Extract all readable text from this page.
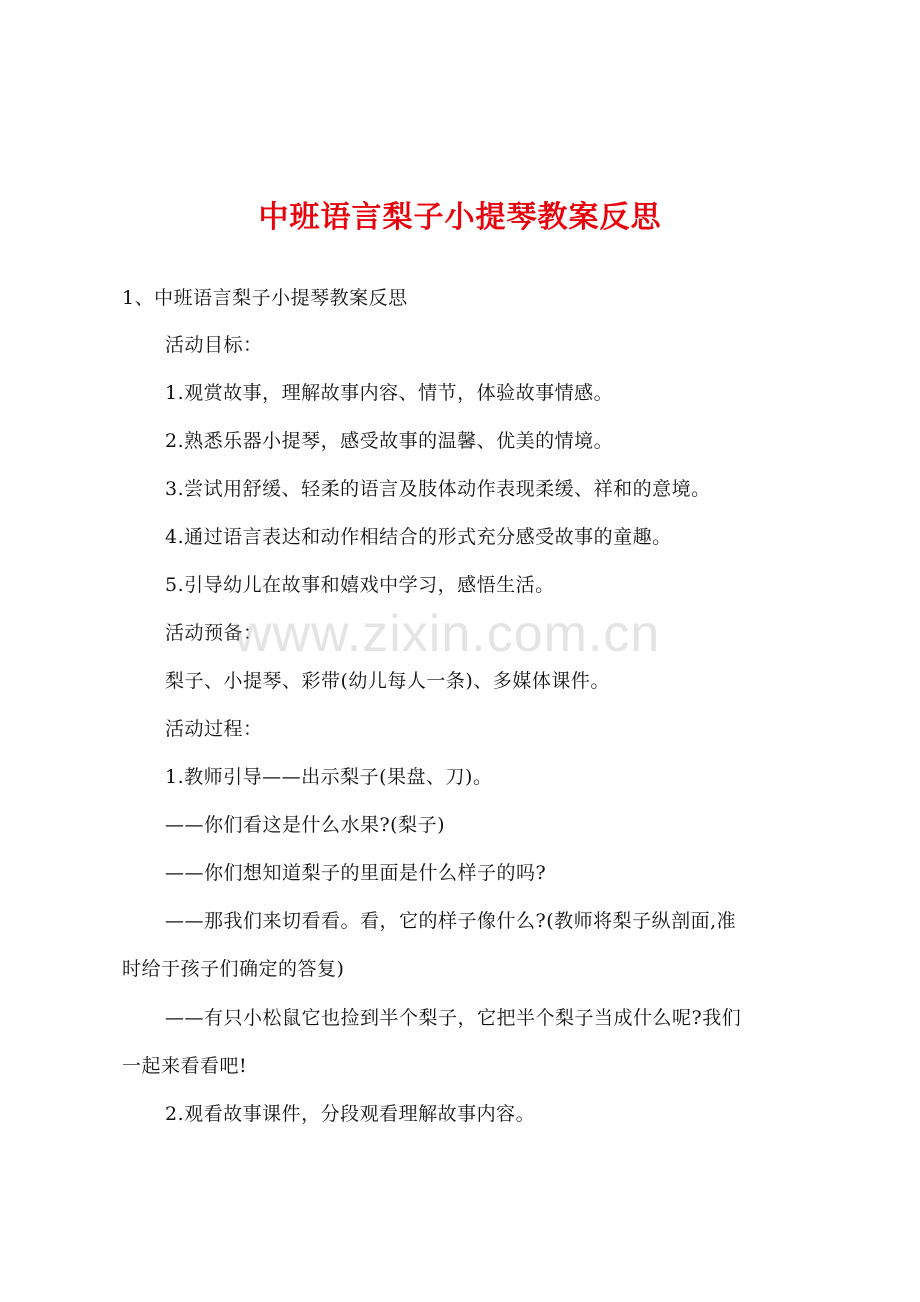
中班语言梨子小提琴教案反思
1、中班语言梨子小提琴教案反思
活动目标：
1.观赏故事，理解故事内容、情节，体验故事情感。
2.熟悉乐器小提琴，感受故事的温馨、优美的情境。
3.尝试用舒缓、轻柔的语言及肢体动作表现柔缓、祥和的意境。
4.通过语言表达和动作相结合的形式充分感受故事的童趣。
5.引导幼儿在故事和嬉戏中学习，感悟生活。
活动预备：
梨子、小提琴、彩带(幼儿每人一条)、多媒体课件。
活动过程：
1.教师引导——出示梨子(果盘、刀)。
——你们看这是什么水果?(梨子)
——你们想知道梨子的里面是什么样子的吗?
——那我们来切看看。看，它的样子像什么?(教师将梨子纵剖面,准
时给于孩子们确定的答复)
——有只小松鼠它也捡到半个梨子，它把半个梨子当成什么呢?我们
一起来看看吧!
2.观看故事课件，分段观看理解故事内容。
www.zixin.com.cn
